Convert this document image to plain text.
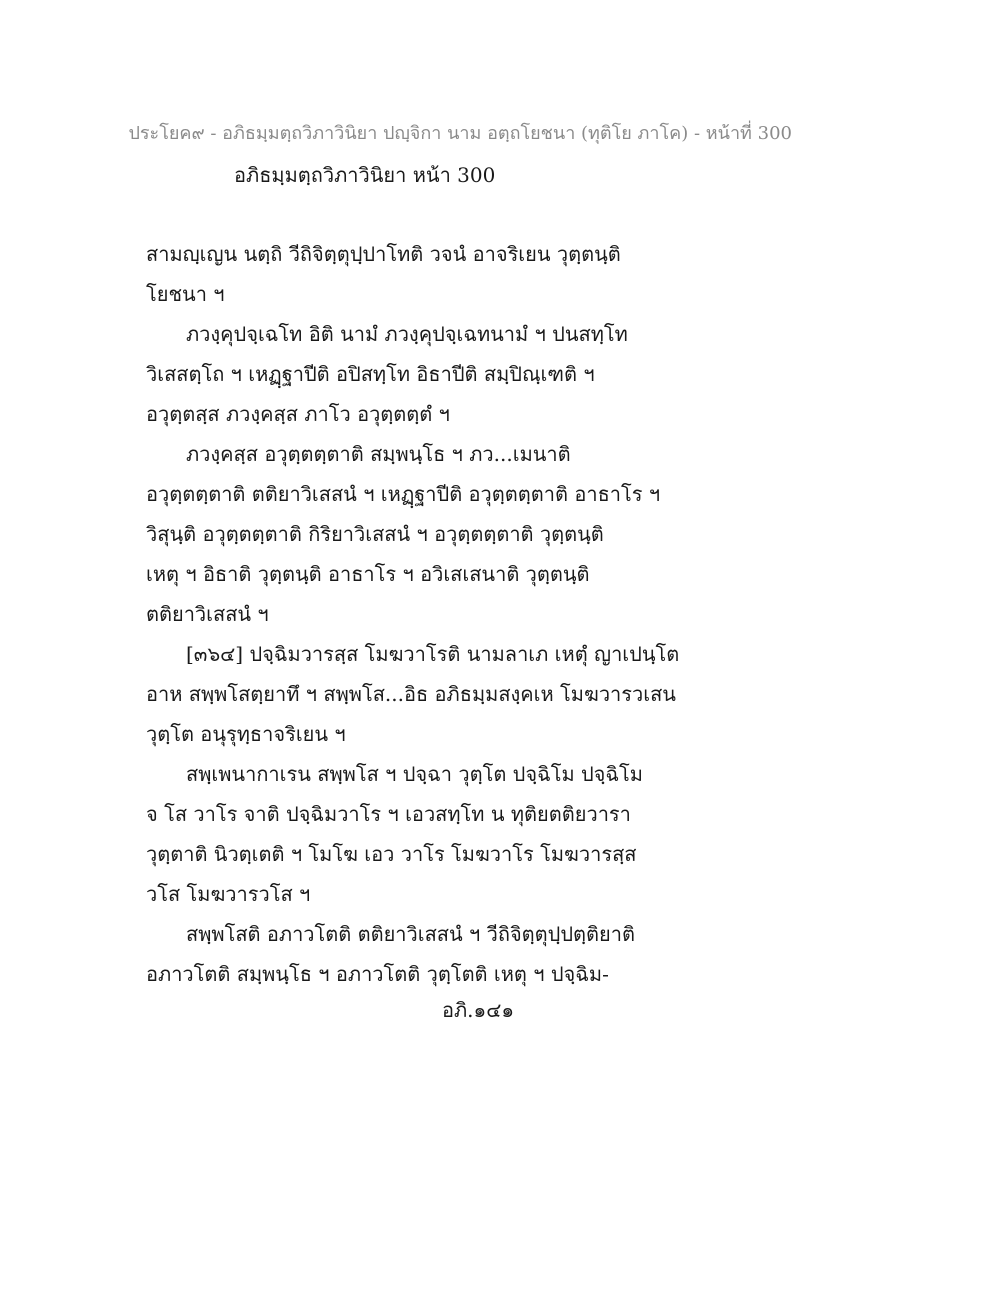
ประโยค๙ - อภิธมฺมตฺถวิภาวินิยา ปญฺจิกา นาม อตฺถโยชนา (ทุติโย ภาโค) - หน้าที่ 300
อภิธมฺมตฺถวิภาวินิยา หน้า 300
สามญฺเญน นตฺถิ วีถิจิตฺตุปฺปาโทติ วจนํ อาจริเยน วุตฺตนฺติ
โยชนา ฯ
ภวงฺคุปจฺเฉโท อิติ นามํ ภวงฺคุปจฺเฉทนามํ ฯ ปนสทฺโท
วิเสสตฺโถ ฯ เหฏฺฐาปีติ อปิสทฺโท อิธาปีติ สมฺปิณฺเฑติ ฯ
อวุตฺตสฺส ภวงฺคสฺส ภาโว อวุตฺตตฺตํ ฯ
ภวงฺคสฺส อวุตฺตตฺตาติ สมฺพนฺโธ ฯ ภว...เมนาติ
อวุตฺตตฺตาติ ตติยาวิเสสนํ ฯ เหฏฺฐาปีติ อวุตฺตตฺตาติ อาธาโร ฯ
วิสุนฺติ อวุตฺตตฺตาติ กิริยาวิเสสนํ ฯ อวุตฺตตฺตาติ วุตฺตนฺติ
เหตุ ฯ อิธาติ วุตฺตนฺติ อาธาโร ฯ อวิเสเสนาติ วุตฺตนฺติ
ตติยาวิเสสนํ ฯ
[๓๖๔] ปจฺฉิมวารสฺส โมฆวาโรติ นามลาเภ เหตุํ ญาเปนฺโต
อาห สพฺพโสตฺยาทึ ฯ สพฺพโส...อิธ อภิธมฺมสงฺคเห โมฆวารวเสน
วุตฺโต อนุรุทฺธาจริเยน ฯ
สพฺเพนากาเรน สพฺพโส ฯ ปจฺฉา วุตฺโต ปจฺฉิโม ปจฺฉิโม
จ โส วาโร จาติ ปจฺฉิมวาโร ฯ เอวสทฺโท น ทุติยตติยวารา
วุตฺตาติ นิวตฺเตติ ฯ โมโฆ เอว วาโร โมฆวาโร โมฆวารสฺส
วโส โมฆวารวโส ฯ
สพฺพโสติ อภาวโตติ ตติยาวิเสสนํ ฯ วีถิจิตฺตุปฺปตฺติยาติ
อภาวโตติ สมฺพนฺโธ ฯ อภาวโตติ วุตฺโตติ เหตุ ฯ ปจฺฉิม-
อภิ.๑๔๑
